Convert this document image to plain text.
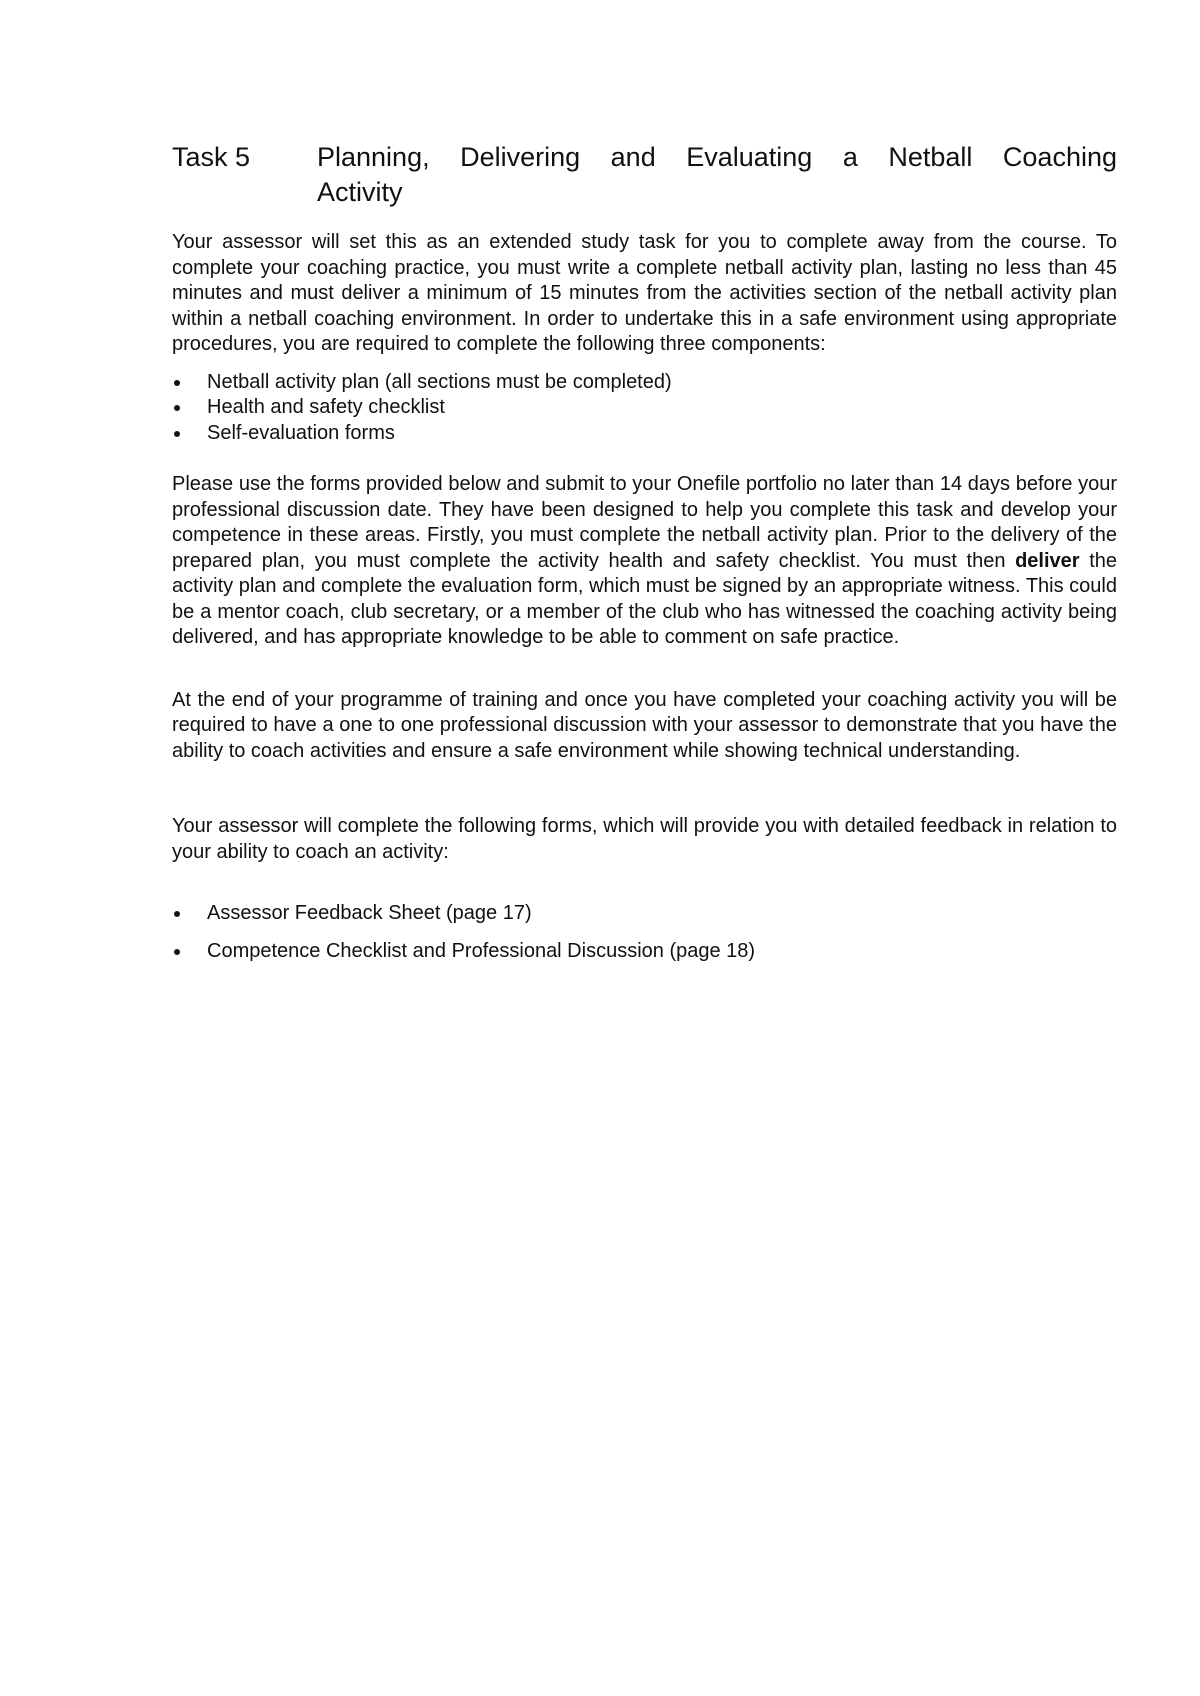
Task 5	Planning, Delivering and Evaluating a Netball Coaching
Activity

Your assessor will set this as an extended study task for you to complete away from the course. To complete your coaching practice, you must write a complete netball activity plan, lasting no less than 45 minutes and must deliver a minimum of 15 minutes from the activities section of the netball activity plan within a netball coaching environment. In order to undertake this in a safe environment using appropriate procedures, you are required to complete the following three components:

Netball activity plan (all sections must be completed)
Health and safety checklist
Self-evaluation forms

Please use the forms provided below and submit to your Onefile portfolio no later than 14 days before your professional discussion date. They have been designed to help you complete this task and develop your competence in these areas. Firstly, you must complete the netball activity plan. Prior to the delivery of the prepared plan, you must complete the activity health and safety checklist. You must then deliver the activity plan and complete the evaluation form, which must be signed by an appropriate witness. This could be a mentor coach, club secretary, or a member of the club who has witnessed the coaching activity being delivered, and has appropriate knowledge to be able to comment on safe practice.

At the end of your programme of training and once you have completed your coaching activity you will be required to have a one to one professional discussion with your assessor to demonstrate that you have the ability to coach activities and ensure a safe environment while showing technical understanding.

Your assessor will complete the following forms, which will provide you with detailed feedback in relation to your ability to coach an activity:

Assessor Feedback Sheet (page 17)
Competence Checklist and Professional Discussion (page 18)
